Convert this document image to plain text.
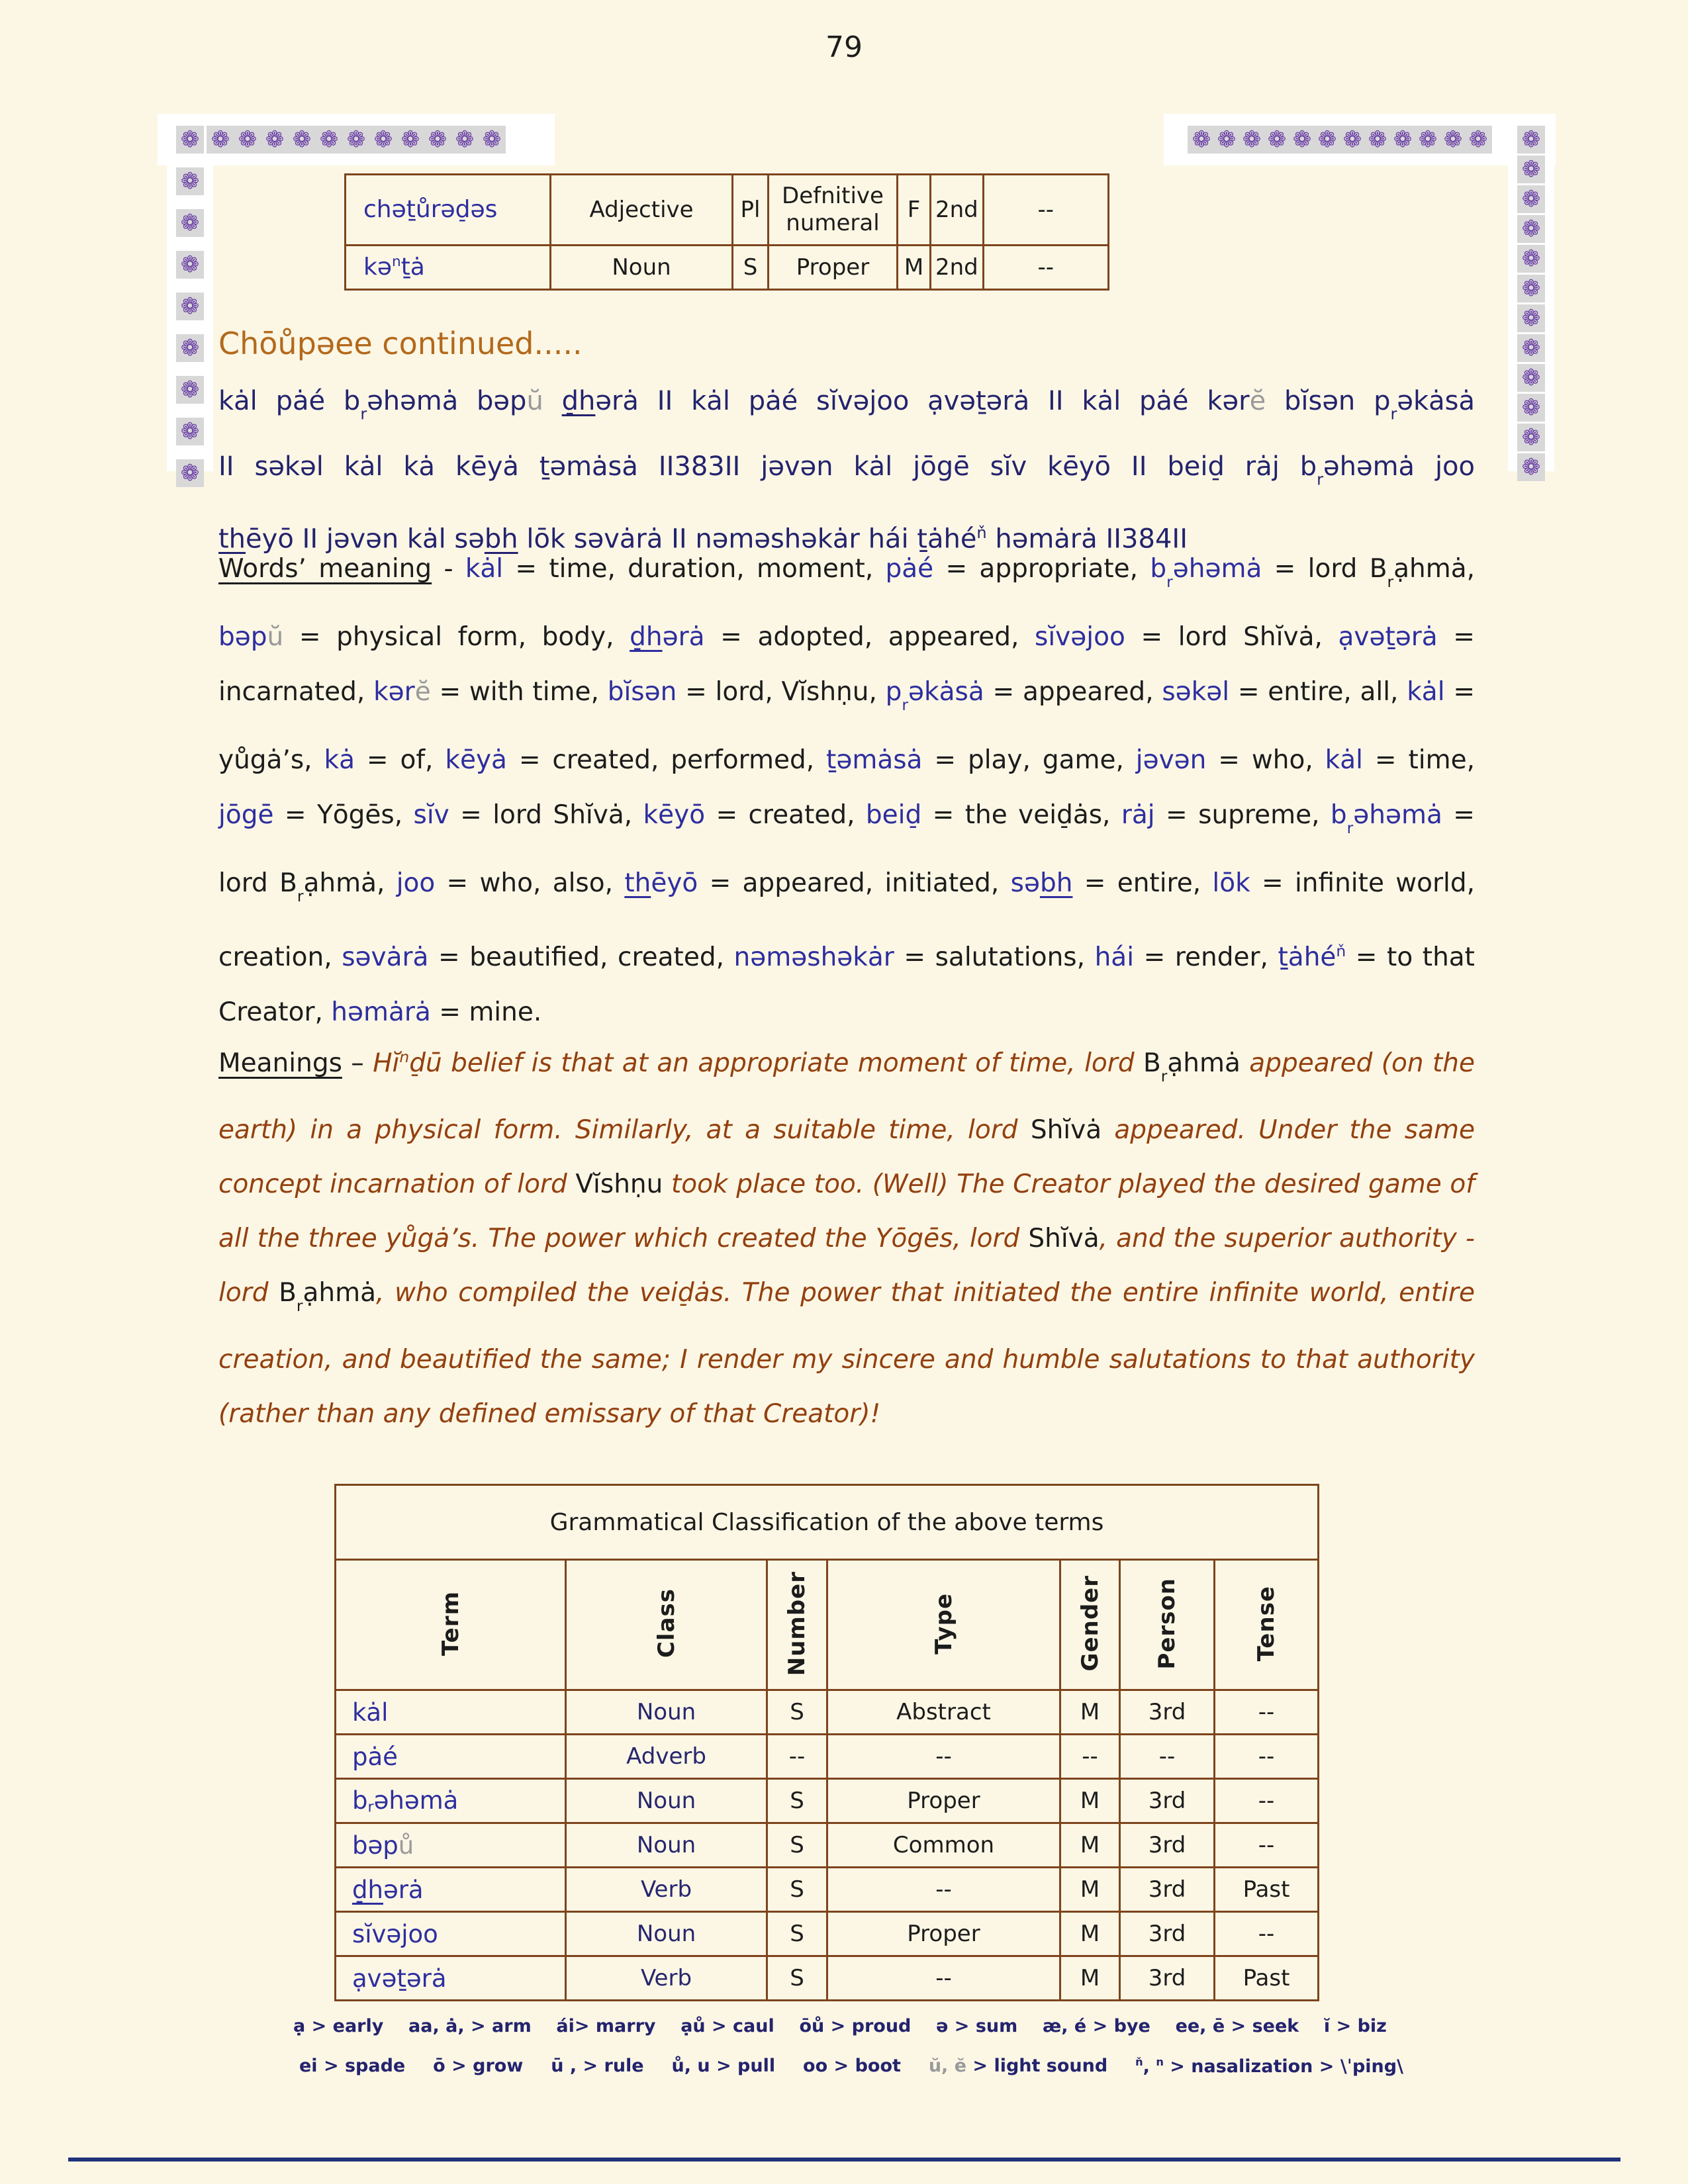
79
❁ ❁ ❁ ❁ ❁ ❁ ❁ ❁ ❁ ❁ ❁
❁
❁
❁
❁
❁
❁
❁
❁
❁
❁ ❁ ❁ ❁ ❁ ❁ ❁ ❁ ❁ ❁ ❁ ❁ ❁
❁
❁
❁
❁
❁
❁
❁
❁
❁
❁
❁
chəṯůrəd̠əs	Adjective	Pl	Defnitive numeral	F	2nd	--
kə$^n$ṯȧ	Noun	S	Proper	M	2nd	--
Chōůpəee continued.....
kȧl pȧé $b_rəhəmȧ$ bəpŭ d̠hərȧ II kȧl pȧé sĭvəjoo ạvəṯərȧ II kȧl pȧé kərĕ bĭsən $p_rəkȧsȧ$
II səkəl kȧl kȧ kēyȧ ṯəmȧsȧ II383II jəvən kȧl jōgē sĭv kēyō II beid̠ rȧj $b_rəhəmȧ$ joo
thēyō II jəvən kȧl səbh lōk səvȧrȧ II nəməshəkȧr hái ṯȧhé$^ň$ həmȧrȧ II384II
Words’ meaning - kȧl = time, duration, moment, pȧé = appropriate, $b_rəhəmȧ$ = lord $B_rạhmȧ$, bəpŭ = physical form, body, d̠hərȧ = adopted, appeared, sĭvəjoo = lord Shĭvȧ, ạvəṯərȧ = incarnated, kərĕ = with time, bĭsən = lord, Vĭshṇu, $p_rəkȧsȧ$ = appeared, səkəl = entire, all, kȧl = yůgȧ’s, kȧ = of, kēyȧ = created, performed, ṯəmȧsȧ = play, game, jəvən = who, kȧl = time, jōgē = Yōgēs, sĭv = lord Shĭvȧ, kēyō = created, beid̠ = the veid̠ȧs, rȧj = supreme, $b_rəhəmȧ$ = lord $B_rạhmȧ$, joo = who, also, thēyō = appeared, initiated, səbh = entire, lōk = infinite world, creation, səvȧrȧ = beautified, created, nəməshəkȧr = salutations, hái = render, ṯȧhé$^ň$ = to that Creator, həmȧrȧ = mine.
Meanings – $Hĭ^nd̠ū$ belief is that at an appropriate moment of time, lord $B_rạhmȧ$ appeared (on the earth) in a physical form. Similarly, at a suitable time, lord Shĭvȧ appeared. Under the same concept incarnation of lord Vĭshṇu took place too. (Well) The Creator played the desired game of all the three yůgȧ’s. The power which created the Yōgēs, lord Shĭvȧ, and the superior authority - lord $B_rạhmȧ$, who compiled the veid̠ȧs. The power that initiated the entire infinite world, entire creation, and beautified the same; I render my sincere and humble salutations to that authority (rather than any defined emissary of that Creator)!
Grammatical Classification of the above terms						
Term	Class	Number	Type	Gender	Person	Tense
kȧl	Noun	S	Abstract	M	3rd	--
pȧé	Adverb	--	--	--	--	--
brəhəmȧ	Noun	S	Proper	M	3rd	--
bəpů	Noun	S	Common	M	3rd	--
d̠hərȧ	Verb	S	--	M	3rd	Past
sĭvəjoo	Noun	S	Proper	M	3rd	--
ạvəṯərȧ	Verb	S	--	M	3rd	Past
ạ > early aa, ȧ, > arm ái> marry ạů > caul ōů > proud ə > sum æ, é > bye ee, ē > seek ĭ > biz
ei > spade ō > grow ū , > rule ů, u > pull oo > boot ŭ, ĕ > light sound	$^ň$, $^n$ > nasalization > \ˈping\
